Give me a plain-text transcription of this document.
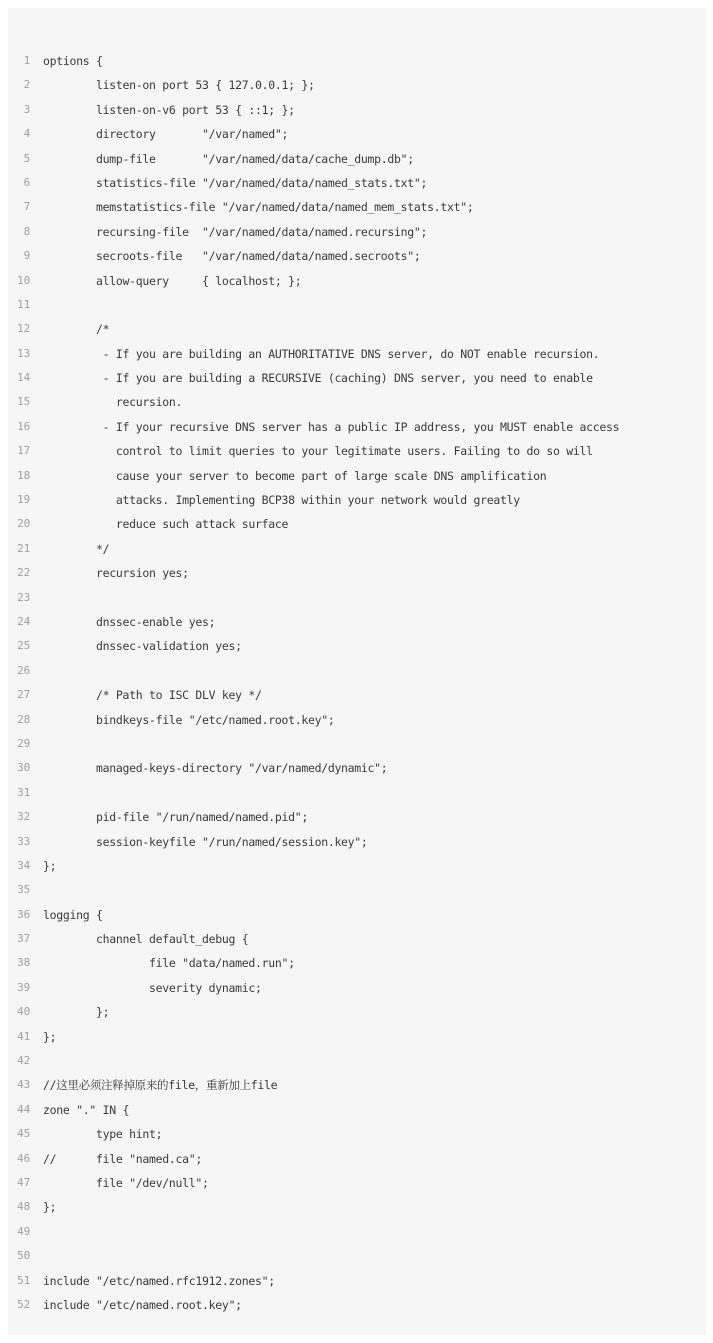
1 options {
2 listen-on port 53 { 127.0.0.1; };
3 listen-on-v6 port 53 { ::1; };
4 directory       "/var/named";
5 dump-file       "/var/named/data/cache_dump.db";
6 statistics-file "/var/named/data/named_stats.txt";
7 memstatistics-file "/var/named/data/named_mem_stats.txt";
8 recursing-file  "/var/named/data/named.recursing";
9 secroots-file   "/var/named/data/named.secroots";
10 allow-query     { localhost; };
11
12 /*
13 - If you are building an AUTHORITATIVE DNS server, do NOT enable recursion.
14 - If you are building a RECURSIVE (caching) DNS server, you need to enable
15 recursion.
16 - If your recursive DNS server has a public IP address, you MUST enable access
17 control to limit queries to your legitimate users. Failing to do so will
18 cause your server to become part of large scale DNS amplification
19 attacks. Implementing BCP38 within your network would greatly
20 reduce such attack surface
21 */
22 recursion yes;
23
24 dnssec-enable yes;
25 dnssec-validation yes;
26
27 /* Path to ISC DLV key */
28 bindkeys-file "/etc/named.root.key";
29
30 managed-keys-directory "/var/named/dynamic";
31
32 pid-file "/run/named/named.pid";
33 session-keyfile "/run/named/session.key";
34 };
35
36 logging {
37 channel default_debug {
38 file "data/named.run";
39 severity dynamic;
40 };
41 };
42
43 //这里必须注释掉原来的file，重新加上file
44 zone "." IN {
45 type hint;
46 //      file "named.ca";
47 file "/dev/null";
48 };
49
50
51 include "/etc/named.rfc1912.zones";
52 include "/etc/named.root.key";
